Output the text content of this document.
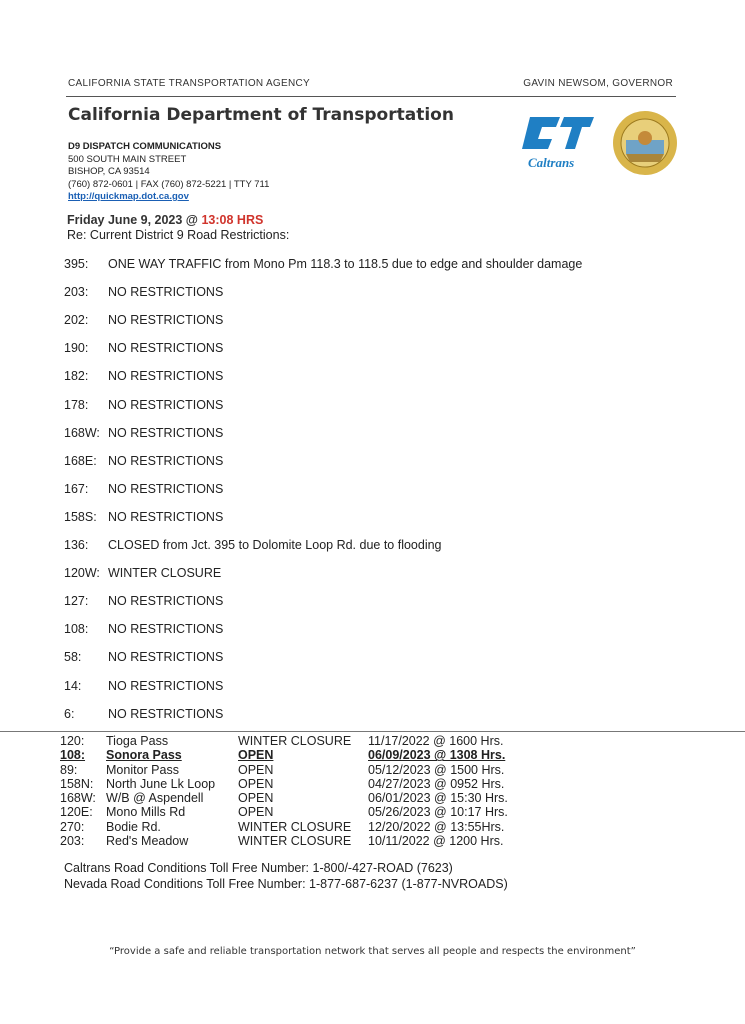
CALIFORNIA STATE TRANSPORTATION AGENCY	GAVIN NEWSOM, GOVERNOR
California Department of Transportation
D9 DISPATCH COMMUNICATIONS
500 SOUTH MAIN STREET
BISHOP, CA 93514
(760) 872-0601 | FAX (760) 872-5221 | TTY 711
http://quickmap.dot.ca.gov
Caltrans
Friday June 9, 2023 @ 13:08 HRS
Re: Current District 9 Road Restrictions:
395: ONE WAY TRAFFIC from Mono Pm 118.3 to 118.5 due to edge and shoulder damage
203: NO RESTRICTIONS
202: NO RESTRICTIONS
190: NO RESTRICTIONS
182: NO RESTRICTIONS
178: NO RESTRICTIONS
168W: NO RESTRICTIONS
168E: NO RESTRICTIONS
167: NO RESTRICTIONS
158S: NO RESTRICTIONS
136: CLOSED from Jct. 395 to Dolomite Loop Rd. due to flooding
120W: WINTER CLOSURE
127: NO RESTRICTIONS
108: NO RESTRICTIONS
58: NO RESTRICTIONS
14: NO RESTRICTIONS
6:	NO RESTRICTIONS
120:	Tioga Pass	WINTER CLOSURE	11/17/2022 @ 1600 Hrs.
108:	Sonora Pass	OPEN	06/09/2023 @ 1308 Hrs.
89:	Monitor Pass	OPEN	05/12/2023 @ 1500 Hrs.
158N:	North June Lk Loop	OPEN	04/27/2023 @ 0952 Hrs.
168W:	W/B @ Aspendell	OPEN	06/01/2023 @ 15:30 Hrs.
120E:	Mono Mills Rd	OPEN	05/26/2023 @ 10:17 Hrs.
270:	Bodie Rd.	WINTER CLOSURE	12/20/2022 @ 13:55Hrs.
203:	Red's Meadow	WINTER CLOSURE	10/11/2022 @ 1200 Hrs.
Caltrans Road Conditions Toll Free Number: 1-800/-427-ROAD (7623)
Nevada Road Conditions Toll Free Number: 1-877-687-6237 (1-877-NVROADS)
“Provide a safe and reliable transportation network that serves all people and respects the environment”
